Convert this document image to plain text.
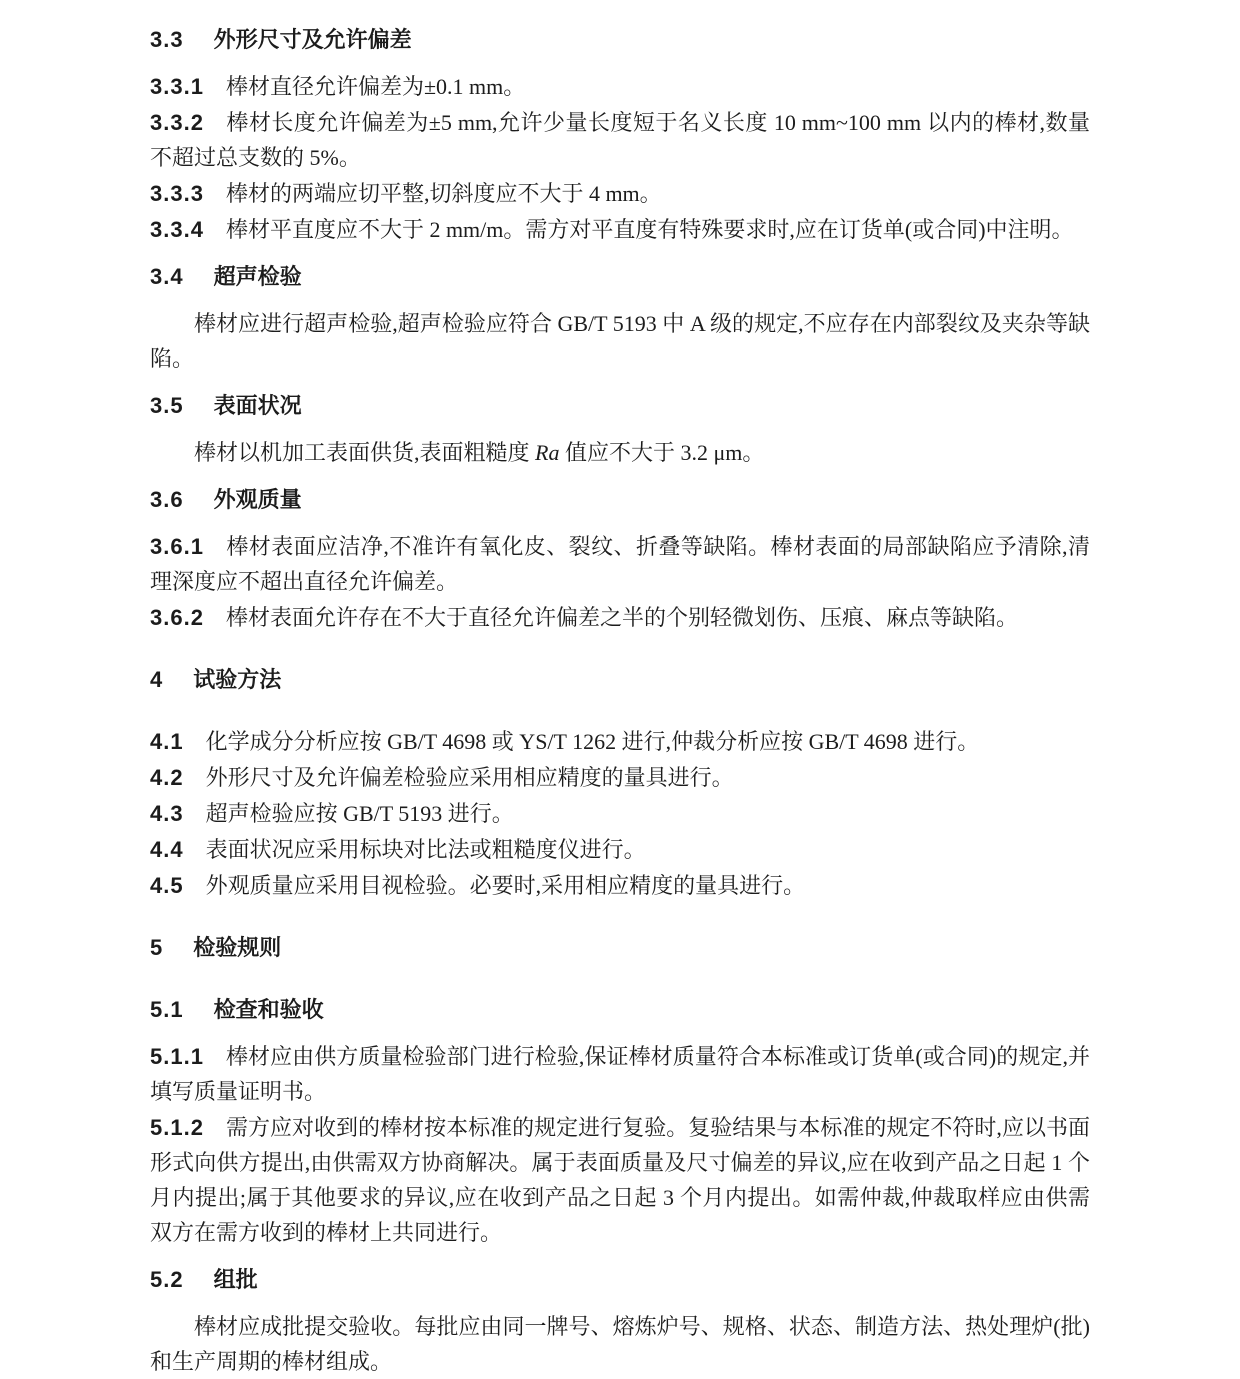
3.3 外形尺寸及允许偏差
3.3.1 棒材直径允许偏差为±0.1 mm。
3.3.2 棒材长度允许偏差为±5 mm,允许少量长度短于名义长度 10 mm~100 mm 以内的棒材,数量不超过总支数的 5%。
3.3.3 棒材的两端应切平整,切斜度应不大于 4 mm。
3.3.4 棒材平直度应不大于 2 mm/m。需方对平直度有特殊要求时,应在订货单(或合同)中注明。
3.4 超声检验
棒材应进行超声检验,超声检验应符合 GB/T 5193 中 A 级的规定,不应存在内部裂纹及夹杂等缺陷。
3.5 表面状况
棒材以机加工表面供货,表面粗糙度 Ra 值应不大于 3.2 μm。
3.6 外观质量
3.6.1 棒材表面应洁净,不准许有氧化皮、裂纹、折叠等缺陷。棒材表面的局部缺陷应予清除,清理深度应不超出直径允许偏差。
3.6.2 棒材表面允许存在不大于直径允许偏差之半的个别轻微划伤、压痕、麻点等缺陷。
4 试验方法
4.1 化学成分分析应按 GB/T 4698 或 YS/T 1262 进行,仲裁分析应按 GB/T 4698 进行。
4.2 外形尺寸及允许偏差检验应采用相应精度的量具进行。
4.3 超声检验应按 GB/T 5193 进行。
4.4 表面状况应采用标块对比法或粗糙度仪进行。
4.5 外观质量应采用目视检验。必要时,采用相应精度的量具进行。
5 检验规则
5.1 检查和验收
5.1.1 棒材应由供方质量检验部门进行检验,保证棒材质量符合本标准或订货单(或合同)的规定,并填写质量证明书。
5.1.2 需方应对收到的棒材按本标准的规定进行复验。复验结果与本标准的规定不符时,应以书面形式向供方提出,由供需双方协商解决。属于表面质量及尺寸偏差的异议,应在收到产品之日起 1 个月内提出;属于其他要求的异议,应在收到产品之日起 3 个月内提出。如需仲裁,仲裁取样应由供需双方在需方收到的棒材上共同进行。
5.2 组批
棒材应成批提交验收。每批应由同一牌号、熔炼炉号、规格、状态、制造方法、热处理炉(批)和生产周期的棒材组成。
